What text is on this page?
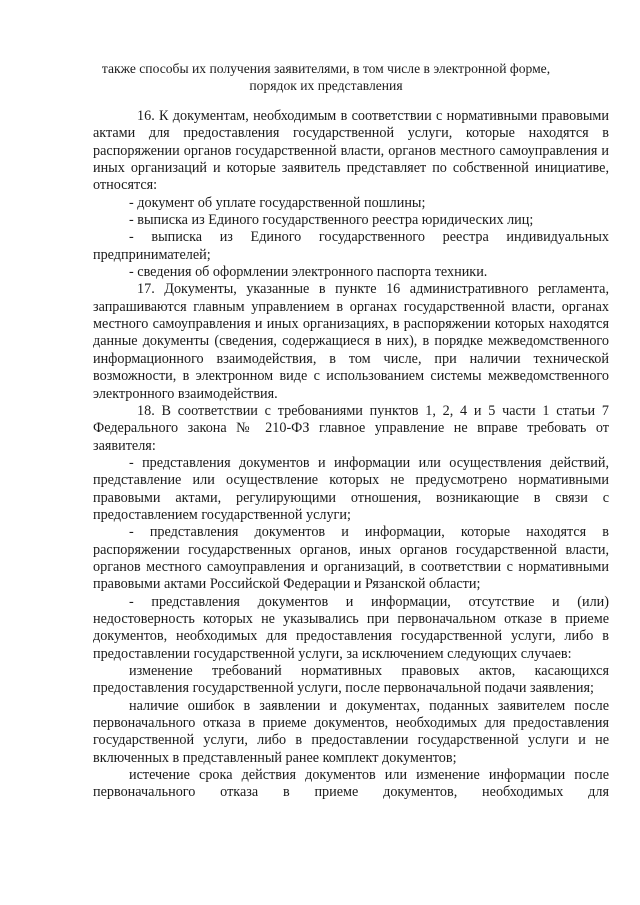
также способы их получения заявителями, в том числе в электронной форме,
порядок их представления

16. К документам, необходимым в соответствии с нормативными правовыми актами для предоставления государственной услуги, которые находятся в распоряжении органов государственной власти, органов местного самоуправления и иных организаций и которые заявитель представляет по собственной инициативе, относятся:

- документ об уплате государственной пошлины;

- выписка из Единого государственного реестра юридических лиц;

- выписка из Единого государственного реестра индивидуальных предпринимателей;

- сведения об оформлении электронного паспорта техники.

17. Документы, указанные в пункте 16 административного регламента, запрашиваются главным управлением в органах государственной власти, органах местного самоуправления и иных организациях, в распоряжении которых находятся данные документы (сведения, содержащиеся в них), в порядке межведомственного информационного взаимодействия, в том числе, при наличии технической возможности, в электронном виде с использованием системы межведомственного электронного взаимодействия.

18. В соответствии с требованиями пунктов 1, 2, 4 и 5 части 1 статьи 7 Федерального закона № 210-ФЗ главное управление не вправе требовать от заявителя:

- представления документов и информации или осуществления действий, представление или осуществление которых не предусмотрено нормативными правовыми актами, регулирующими отношения, возникающие в связи с предоставлением государственной услуги;

- представления документов и информации, которые находятся в распоряжении государственных органов, иных органов государственной власти, органов местного самоуправления и организаций, в соответствии с нормативными правовыми актами Российской Федерации и Рязанской области;

- представления документов и информации, отсутствие и (или) недостоверность которых не указывались при первоначальном отказе в приеме документов, необходимых для предоставления государственной услуги, либо в предоставлении государственной услуги, за исключением следующих случаев:

изменение требований нормативных правовых актов, касающихся предоставления государственной услуги, после первоначальной подачи заявления;

наличие ошибок в заявлении и документах, поданных заявителем после первоначального отказа в приеме документов, необходимых для предоставления государственной услуги, либо в предоставлении государственной услуги и не включенных в представленный ранее комплект документов;

истечение срока действия документов или изменение информации после первоначального отказа в приеме документов, необходимых для
